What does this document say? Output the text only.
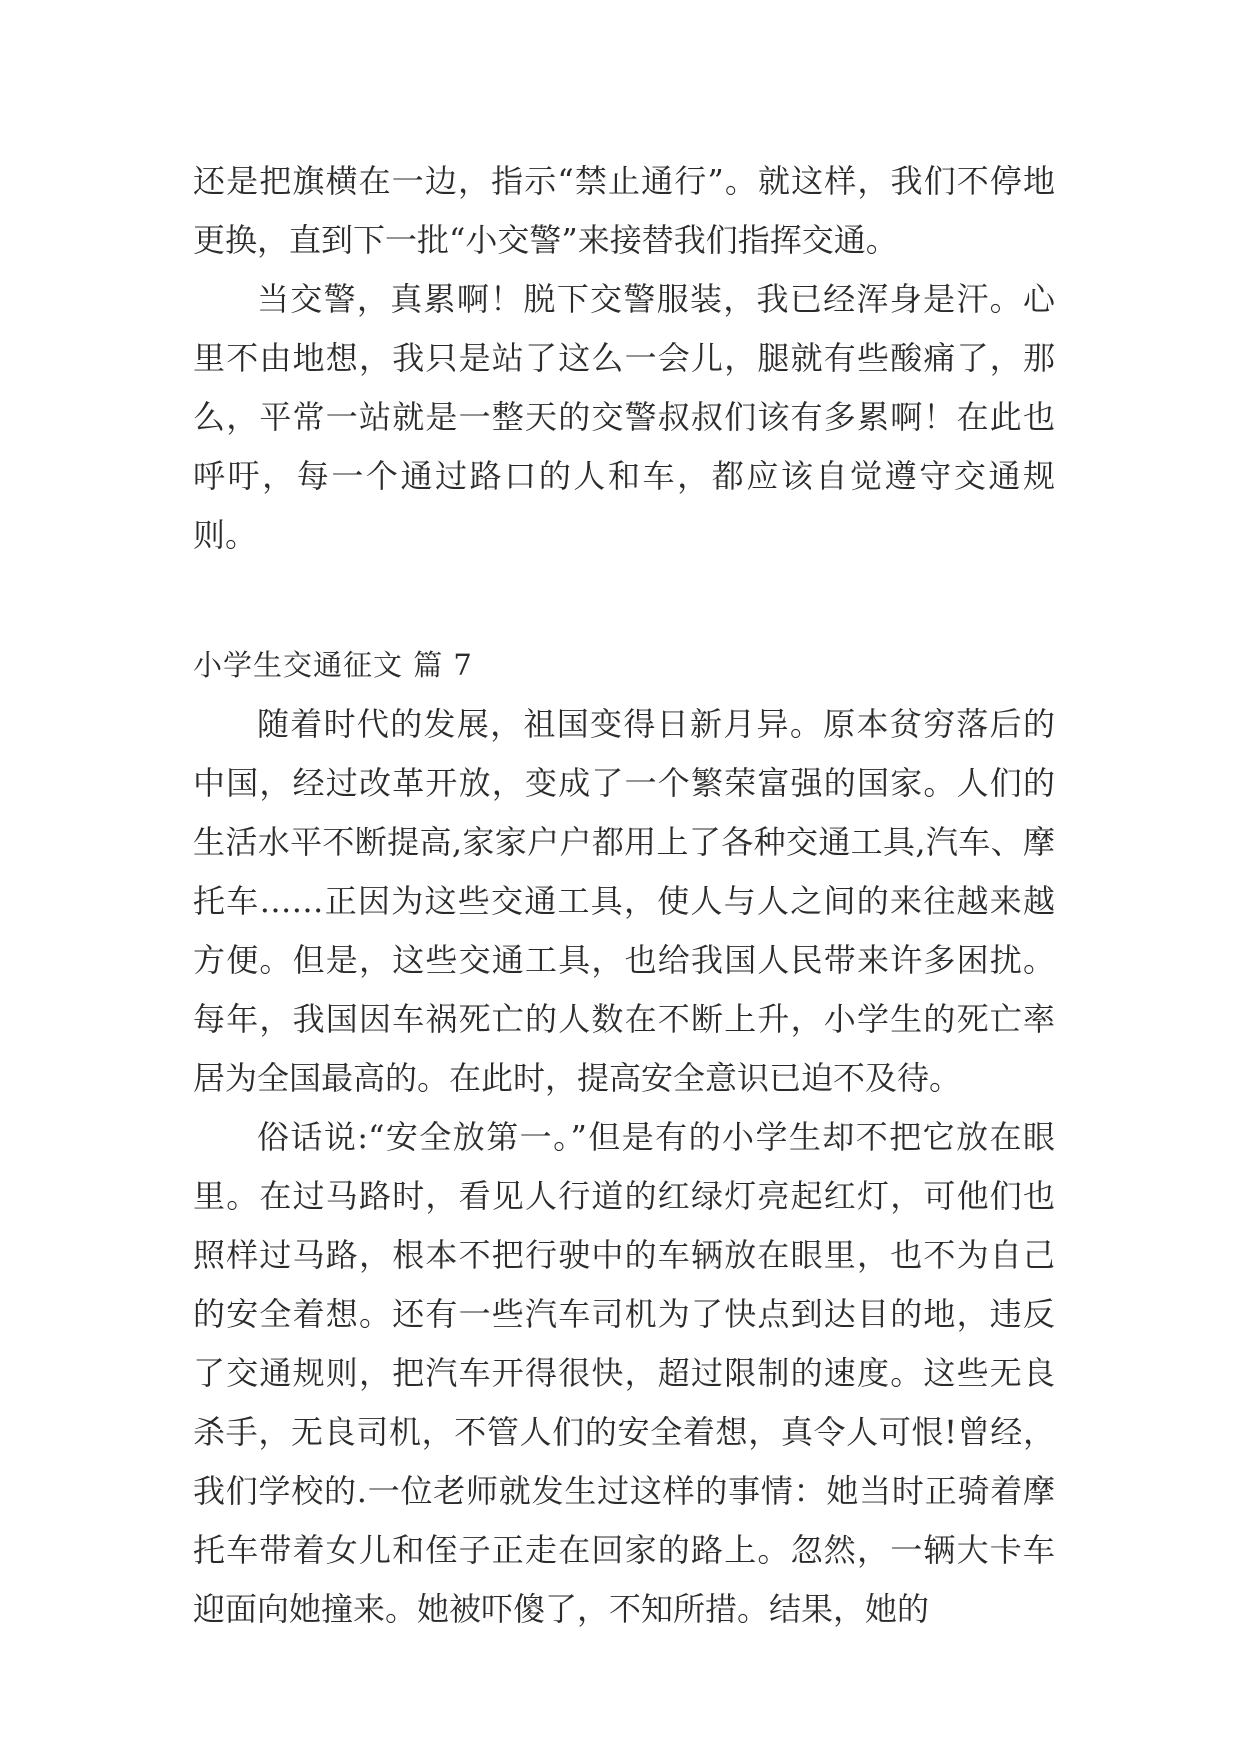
还是把旗横在一边，指示“禁止通行”。就这样，我们不停地更换，直到下一批“小交警”来接替我们指挥交通。

当交警，真累啊！脱下交警服装，我已经浑身是汗。心里不由地想，我只是站了这么一会儿，腿就有些酸痛了，那么，平常一站就是一整天的交警叔叔们该有多累啊！在此也呼吁，每一个通过路口的人和车，都应该自觉遵守交通规则。

小学生交通征文 篇 7

随着时代的发展，祖国变得日新月异。原本贫穷落后的中国，经过改革开放，变成了一个繁荣富强的国家。人们的生活水平不断提高,家家户户都用上了各种交通工具,汽车、摩托车……正因为这些交通工具，使人与人之间的来往越来越方便。但是，这些交通工具，也给我国人民带来许多困扰。每年，我国因车祸死亡的人数在不断上升，小学生的死亡率居为全国最高的。在此时，提高安全意识已迫不及待。

俗话说:“安全放第一。”但是有的小学生却不把它放在眼里。在过马路时，看见人行道的红绿灯亮起红灯，可他们也照样过马路，根本不把行驶中的车辆放在眼里，也不为自己的安全着想。还有一些汽车司机为了快点到达目的地，违反了交通规则，把汽车开得很快，超过限制的速度。这些无良杀手，无良司机，不管人们的安全着想，真令人可恨!曾经，我们学校的.一位老师就发生过这样的事情：她当时正骑着摩托车带着女儿和侄子正走在回家的路上。忽然，一辆大卡车迎面向她撞来。她被吓傻了，不知所措。结果，她的
